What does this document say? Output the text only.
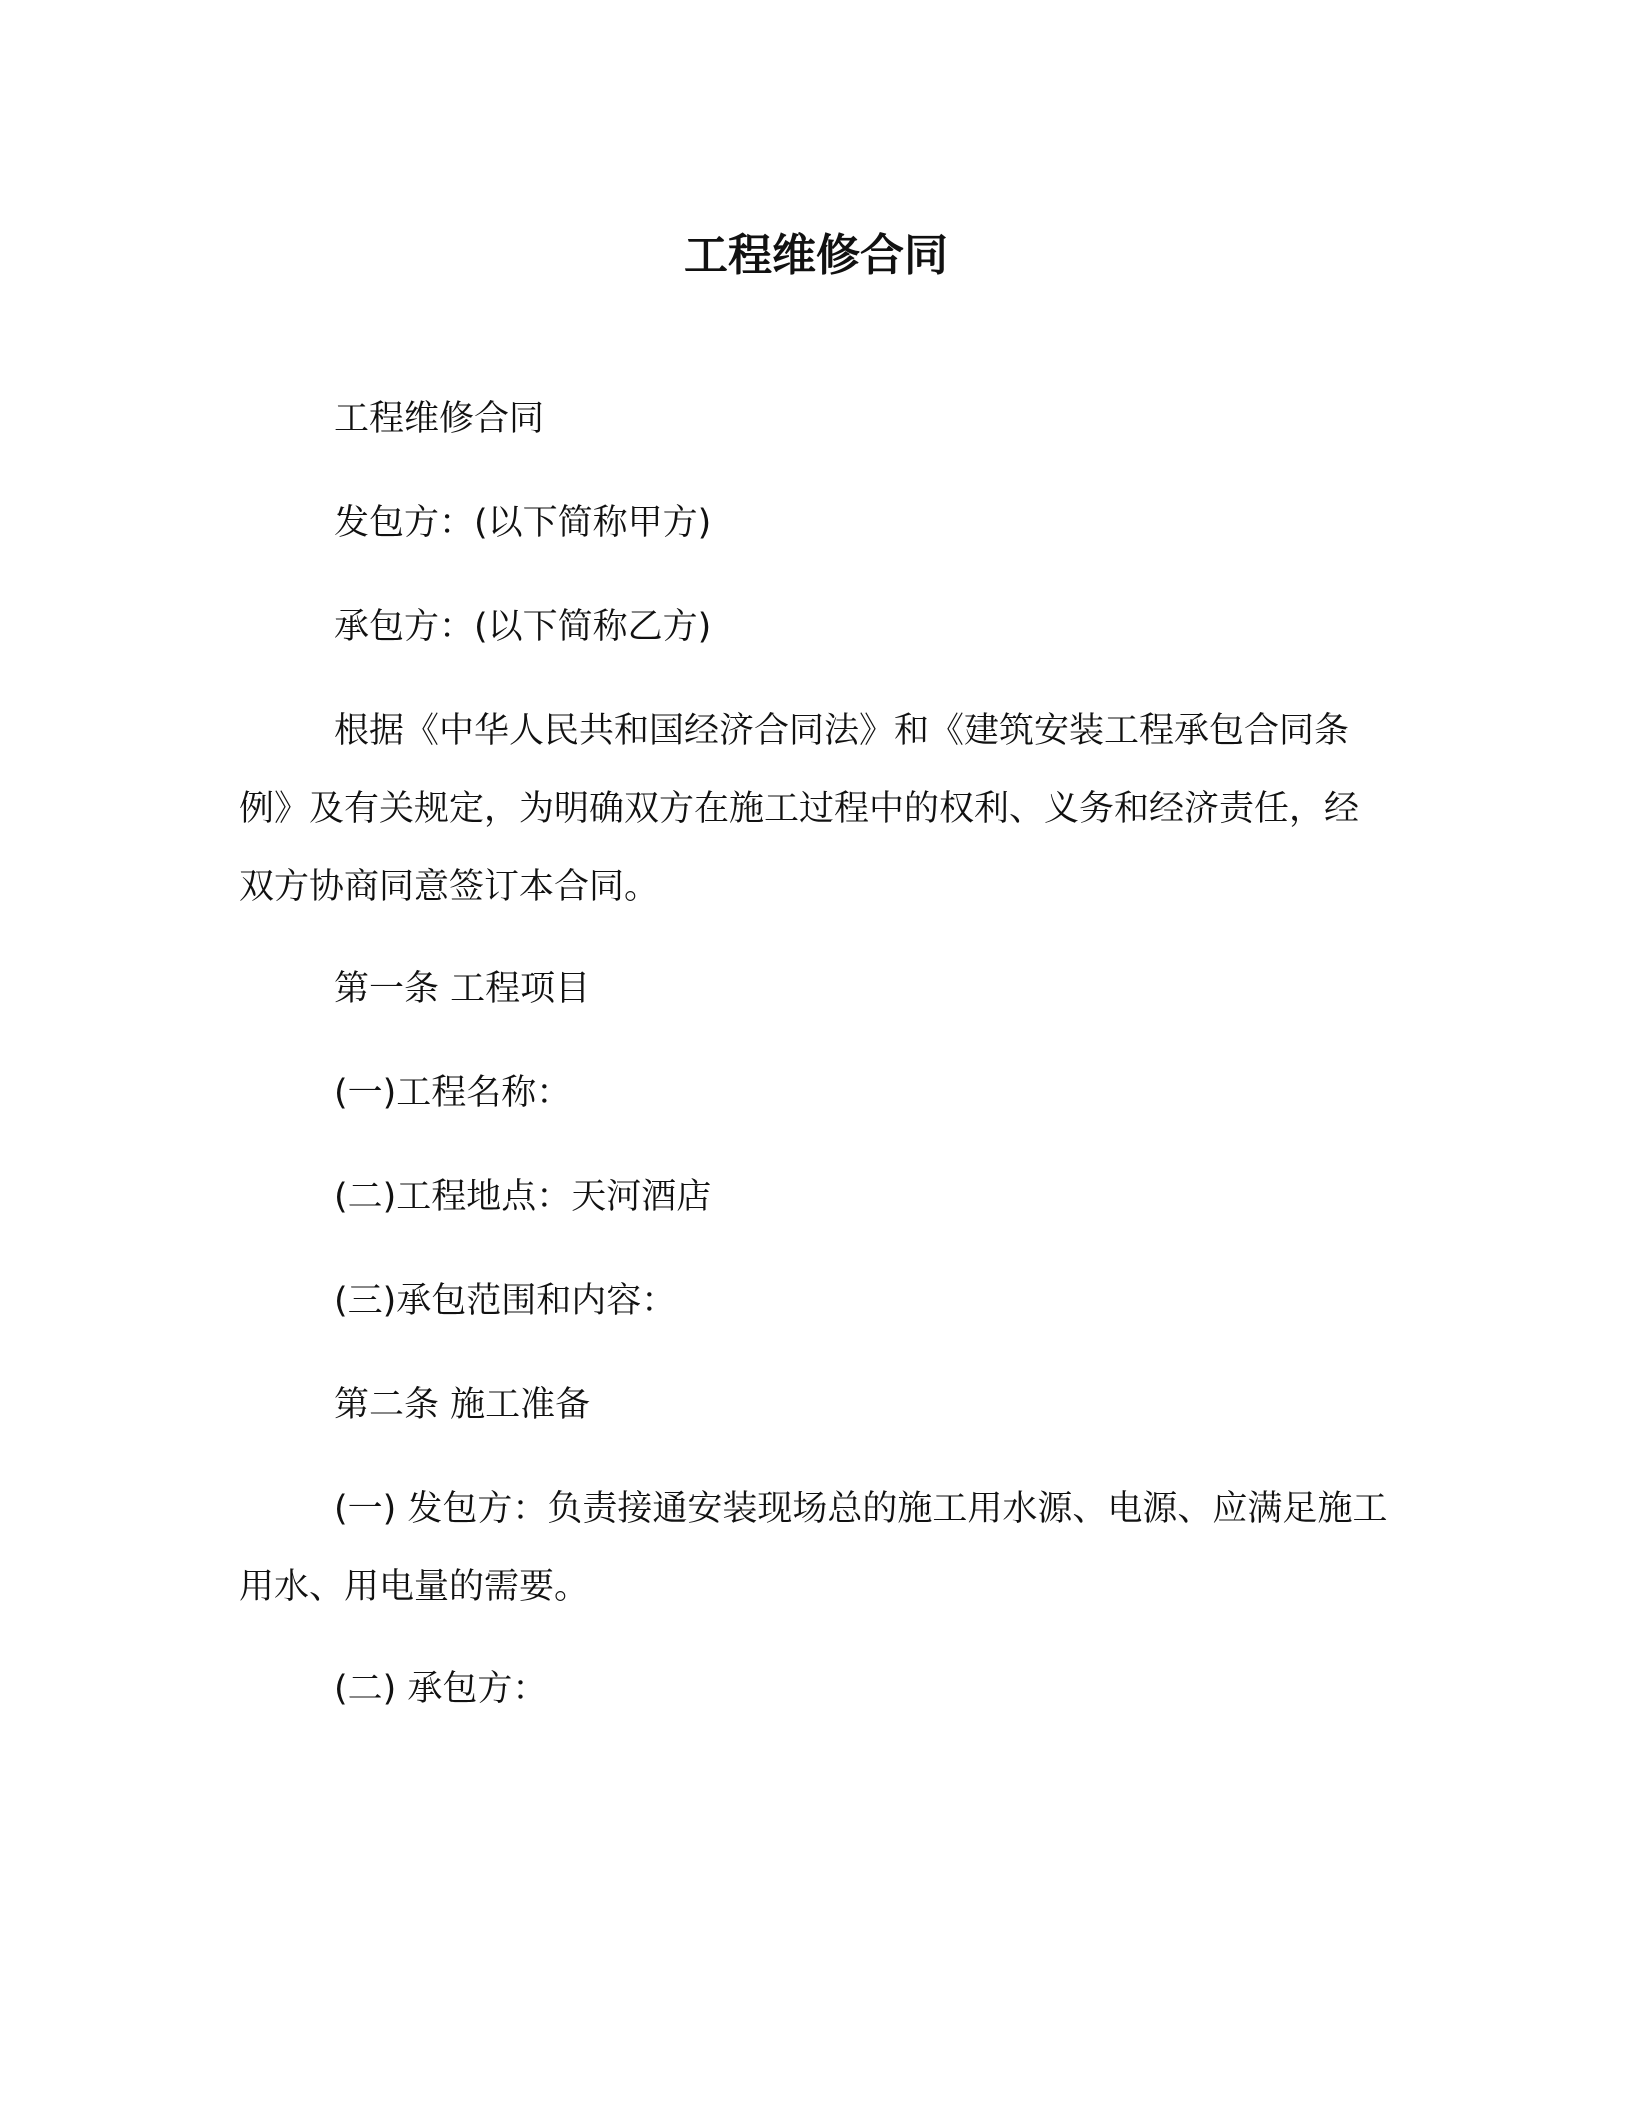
工程维修合同

工程维修合同

发包方：(以下简称甲方)

承包方：(以下简称乙方)

根据《中华人民共和国经济合同法》和《建筑安装工程承包合同条例》及有关规定，为明确双方在施工过程中的权利、义务和经济责任，经双方协商同意签订本合同。

第一条 工程项目

(一)工程名称：

(二)工程地点：天河酒店

(三)承包范围和内容：

第二条 施工准备

(一) 发包方：负责接通安装现场总的施工用水源、电源、应满足施工用水、用电量的需要。

(二) 承包方：
